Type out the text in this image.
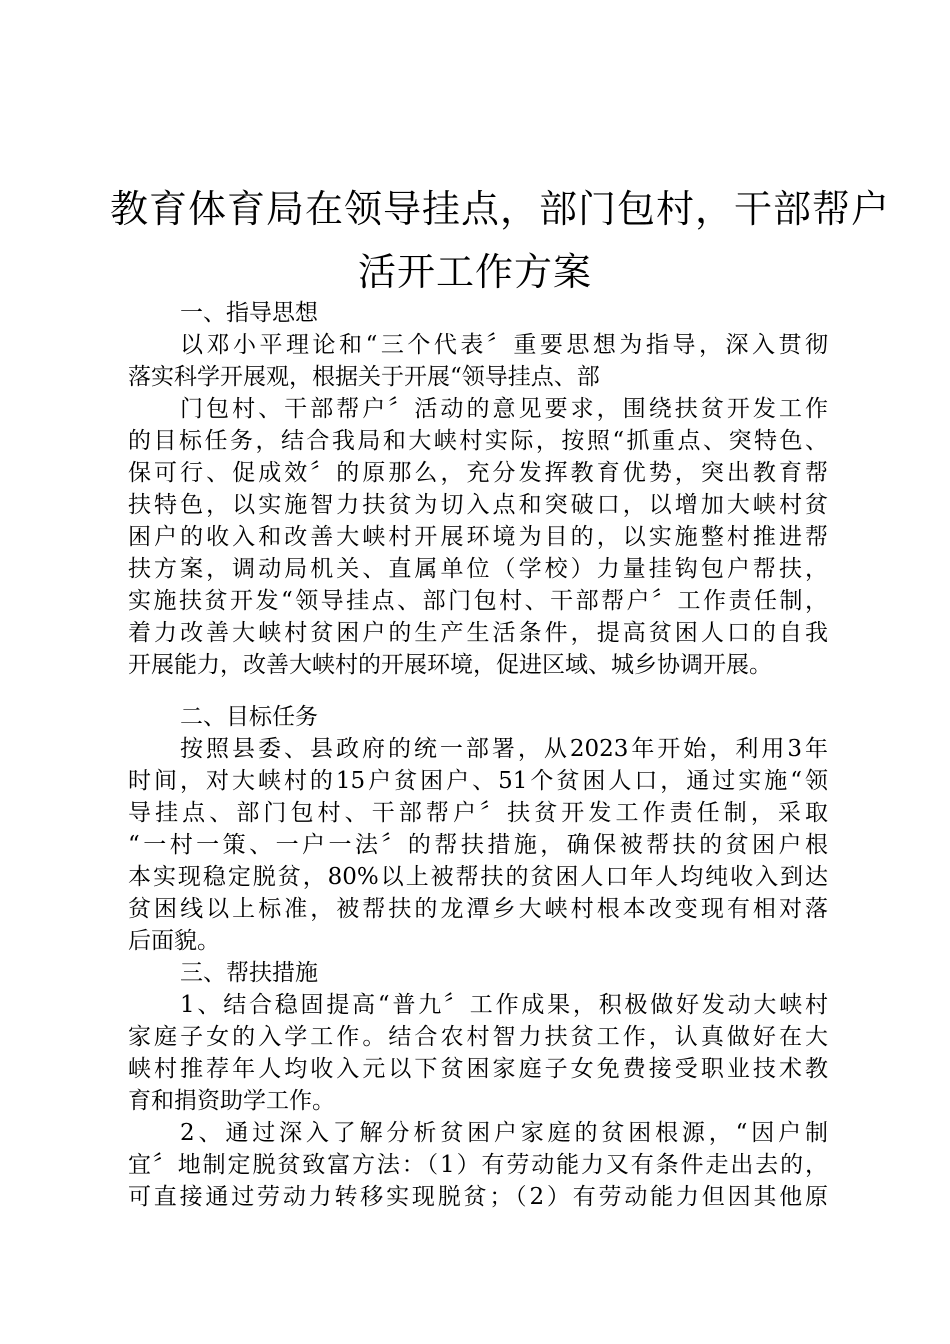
教育体育局在领导挂点，部门包村，干部帮户
活开工作方案
一、指导思想
以邓小平理论和“三个代表〞重要思想为指导，深入贯彻
落实科学开展观，根据关于开展“领导挂点、部
门包村、干部帮户〞活动的意见要求，围绕扶贫开发工作
的目标任务，结合我局和大峡村实际，按照“抓重点、突特色、
保可行、促成效〞的原那么，充分发挥教育优势，突出教育帮
扶特色，以实施智力扶贫为切入点和突破口，以增加大峡村贫
困户的收入和改善大峡村开展环境为目的，以实施整村推进帮
扶方案，调动局机关、直属单位（学校）力量挂钩包户帮扶，
实施扶贫开发“领导挂点、部门包村、干部帮户〞工作责任制，
着力改善大峡村贫困户的生产生活条件，提高贫困人口的自我
开展能力，改善大峡村的开展环境，促进区域、城乡协调开展。
二、目标任务
按照县委、县政府的统一部署，从2023年开始，利用3年
时间，对大峡村的15户贫困户、51个贫困人口，通过实施“领
导挂点、部门包村、干部帮户〞扶贫开发工作责任制，采取
“一村一策、一户一法〞的帮扶措施，确保被帮扶的贫困户根
本实现稳定脱贫，80%以上被帮扶的贫困人口年人均纯收入到达
贫困线以上标准，被帮扶的龙潭乡大峡村根本改变现有相对落
后面貌。
三、帮扶措施
1、结合稳固提高“普九〞工作成果，积极做好发动大峡村
家庭子女的入学工作。结合农村智力扶贫工作，认真做好在大
峡村推荐年人均收入元以下贫困家庭子女免费接受职业技术教
育和捐资助学工作。
2、通过深入了解分析贫困户家庭的贫困根源，“因户制
宜〞地制定脱贫致富方法：（1）有劳动能力又有条件走出去的，
可直接通过劳动力转移实现脱贫；（2）有劳动能力但因其他原
